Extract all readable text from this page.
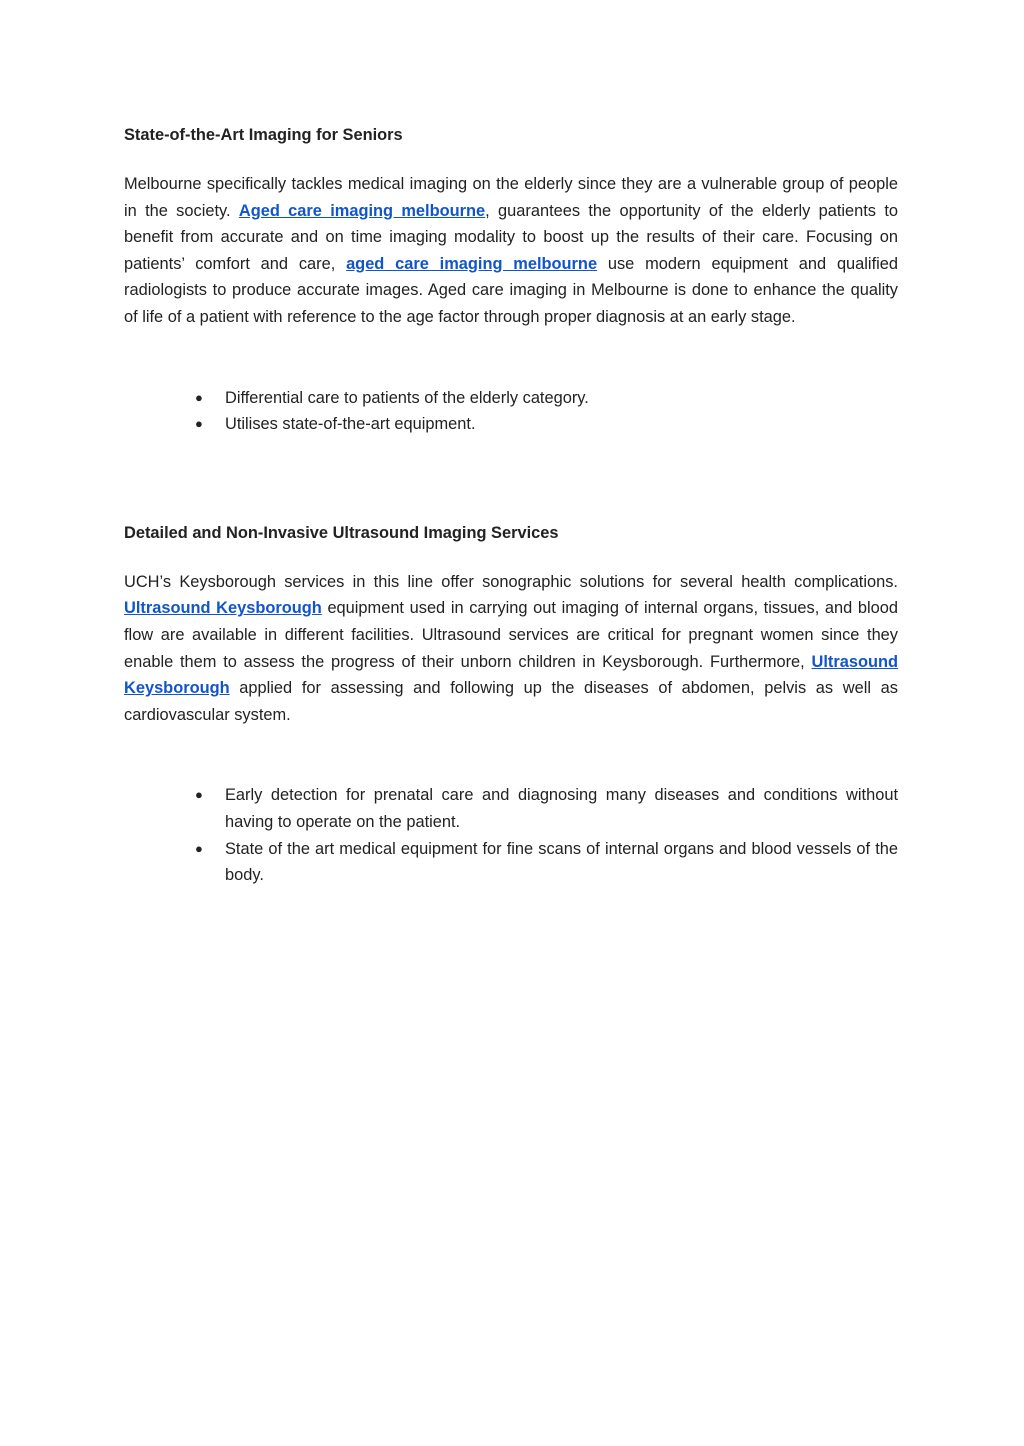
State-of-the-Art Imaging for Seniors

Melbourne specifically tackles medical imaging on the elderly since they are a vulnerable group of people in the society. Aged care imaging melbourne, guarantees the opportunity of the elderly patients to benefit from accurate and on time imaging modality to boost up the results of their care. Focusing on patients’ comfort and care, aged care imaging melbourne use modern equipment and qualified radiologists to produce accurate images. Aged care imaging in Melbourne is done to enhance the quality of life of a patient with reference to the age factor through proper diagnosis at an early stage.

● Differential care to patients of the elderly category.
● Utilises state-of-the-art equipment.

Detailed and Non-Invasive Ultrasound Imaging Services

UCH’s Keysborough services in this line offer sonographic solutions for several health complications. Ultrasound Keysborough equipment used in carrying out imaging of internal organs, tissues, and blood flow are available in different facilities. Ultrasound services are critical for pregnant women since they enable them to assess the progress of their unborn children in Keysborough. Furthermore, Ultrasound Keysborough applied for assessing and following up the diseases of abdomen, pelvis as well as cardiovascular system.

● Early detection for prenatal care and diagnosing many diseases and conditions without having to operate on the patient.
● State of the art medical equipment for fine scans of internal organs and blood vessels of the body.
